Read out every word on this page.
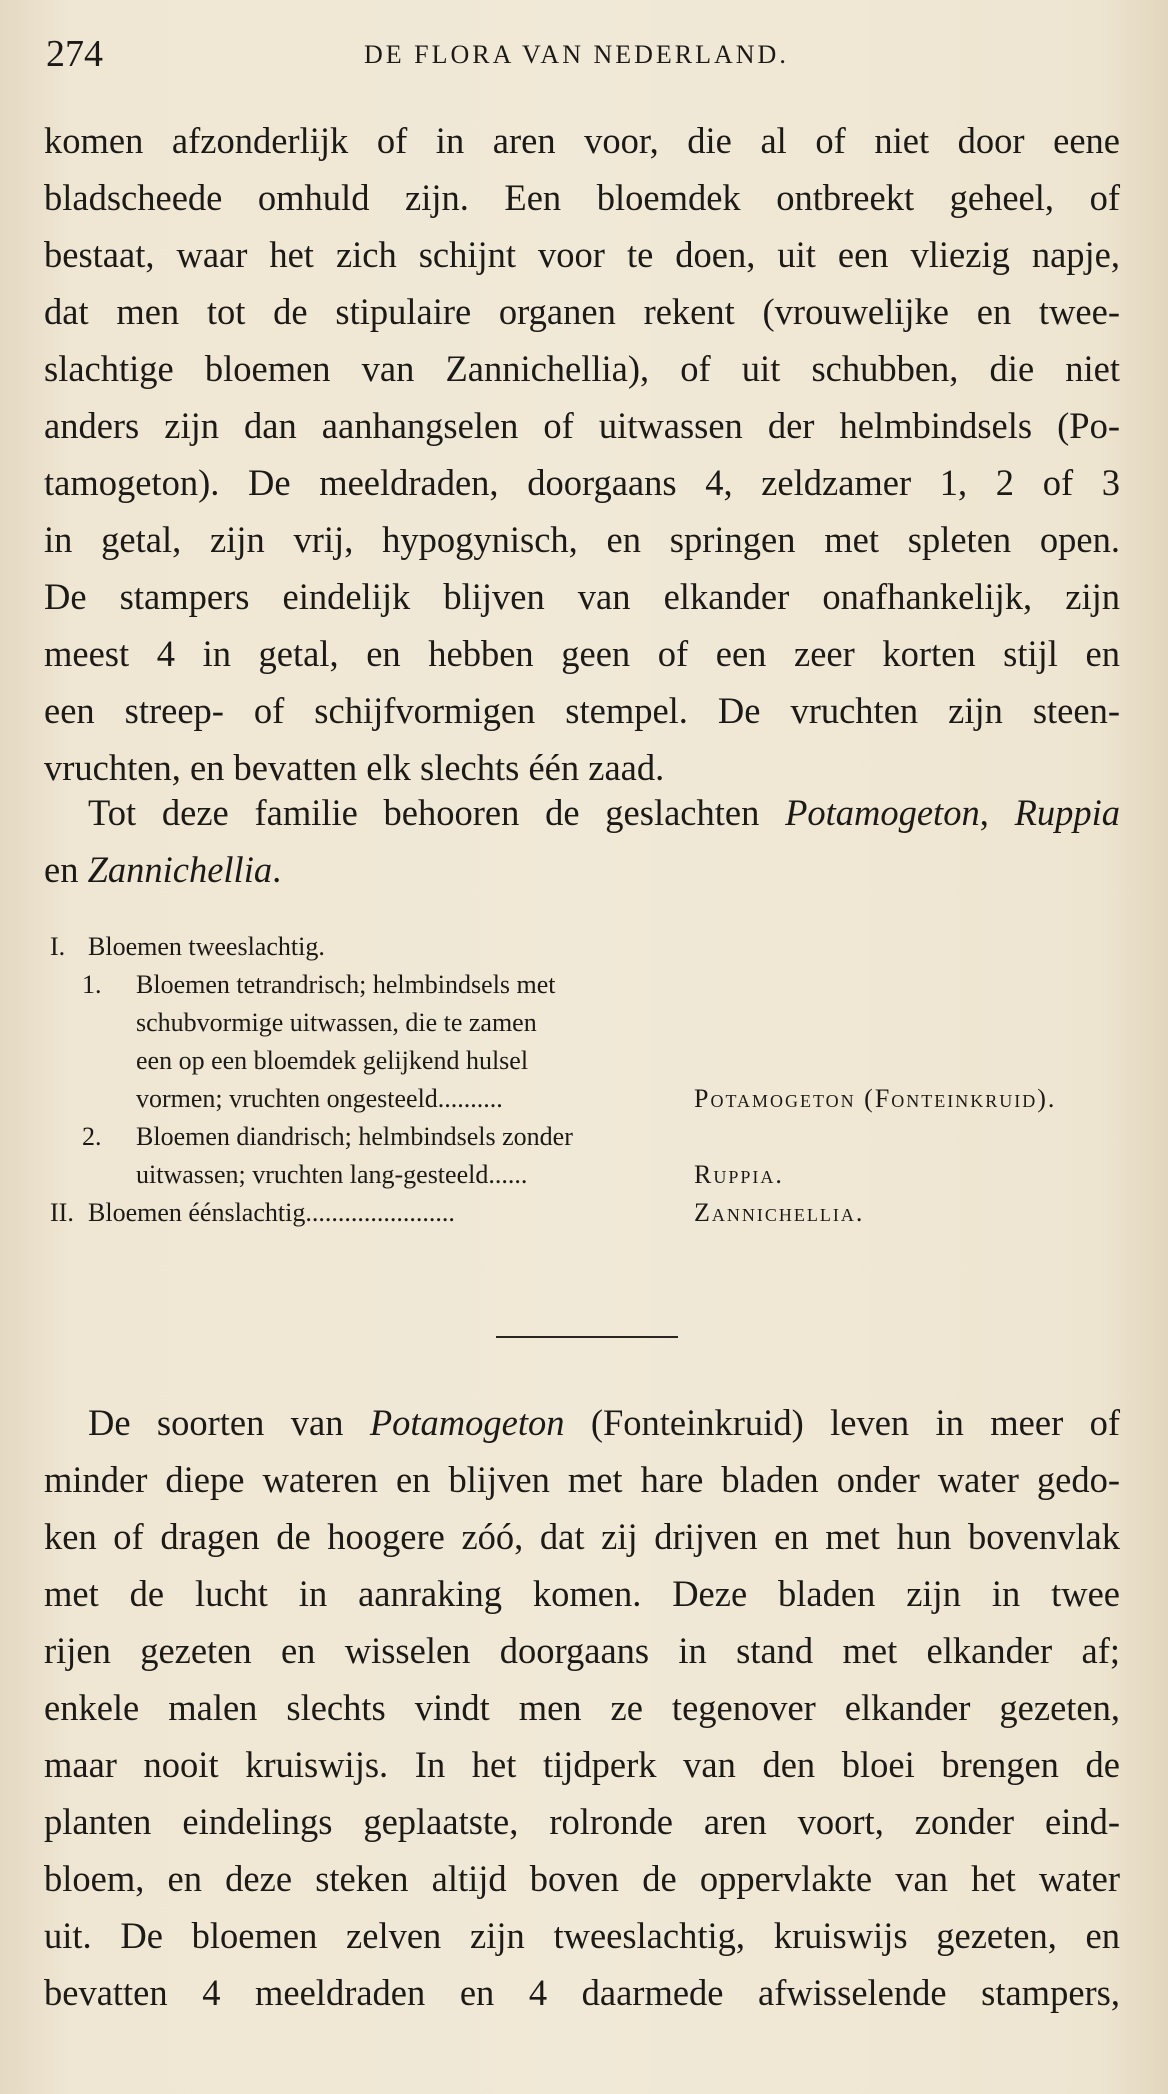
274	DE FLORA VAN NEDERLAND.
komen afzonderlijk of in aren voor, die al of niet door eene
bladscheede omhuld zijn. Een bloemdek ontbreekt geheel, of
bestaat, waar het zich schijnt voor te doen, uit een vliezig napje,
dat men tot de stipulaire organen rekent (vrouwelijke en twee-
slachtige bloemen van Zannichellia), of uit schubben, die niet
anders zijn dan aanhangselen of uitwassen der helmbindsels (Po-
tamogeton). De meeldraden, doorgaans 4, zeldzamer 1, 2 of 3
in getal, zijn vrij, hypogynisch, en springen met spleten open.
De stampers eindelijk blijven van elkander onafhankelijk, zijn
meest 4 in getal, en hebben geen of een zeer korten stijl en
een streep- of schijfvormigen stempel. De vruchten zijn steen-
vruchten, en bevatten elk slechts één zaad.
Tot deze familie behooren de geslachten Potamogeton, Ruppia
en Zannichellia.
I. Bloemen tweeslachtig.
1. Bloemen tetrandrisch; helmbindsels met
schubvormige uitwassen, die te zamen
een op een bloemdek gelijkend hulsel
vormen; vruchten ongesteeld..........	Potamogeton (Fonteinkruid).
2. Bloemen diandrisch; helmbindsels zonder
uitwassen; vruchten lang-gesteeld......	Ruppia.
II. Bloemen éénslachtig.......................	Zannichellia.
De soorten van Potamogeton (Fonteinkruid) leven in meer of
minder diepe wateren en blijven met hare bladen onder water gedo-
ken of dragen de hoogere zóó, dat zij drijven en met hun bovenvlak
met de lucht in aanraking komen. Deze bladen zijn in twee
rijen gezeten en wisselen doorgaans in stand met elkander af;
enkele malen slechts vindt men ze tegenover elkander gezeten,
maar nooit kruiswijs. In het tijdperk van den bloei brengen de
planten eindelings geplaatste, rolronde aren voort, zonder eind-
bloem, en deze steken altijd boven de oppervlakte van het water
uit. De bloemen zelven zijn tweeslachtig, kruiswijs gezeten, en
bevatten 4 meeldraden en 4 daarmede afwisselende stampers,
